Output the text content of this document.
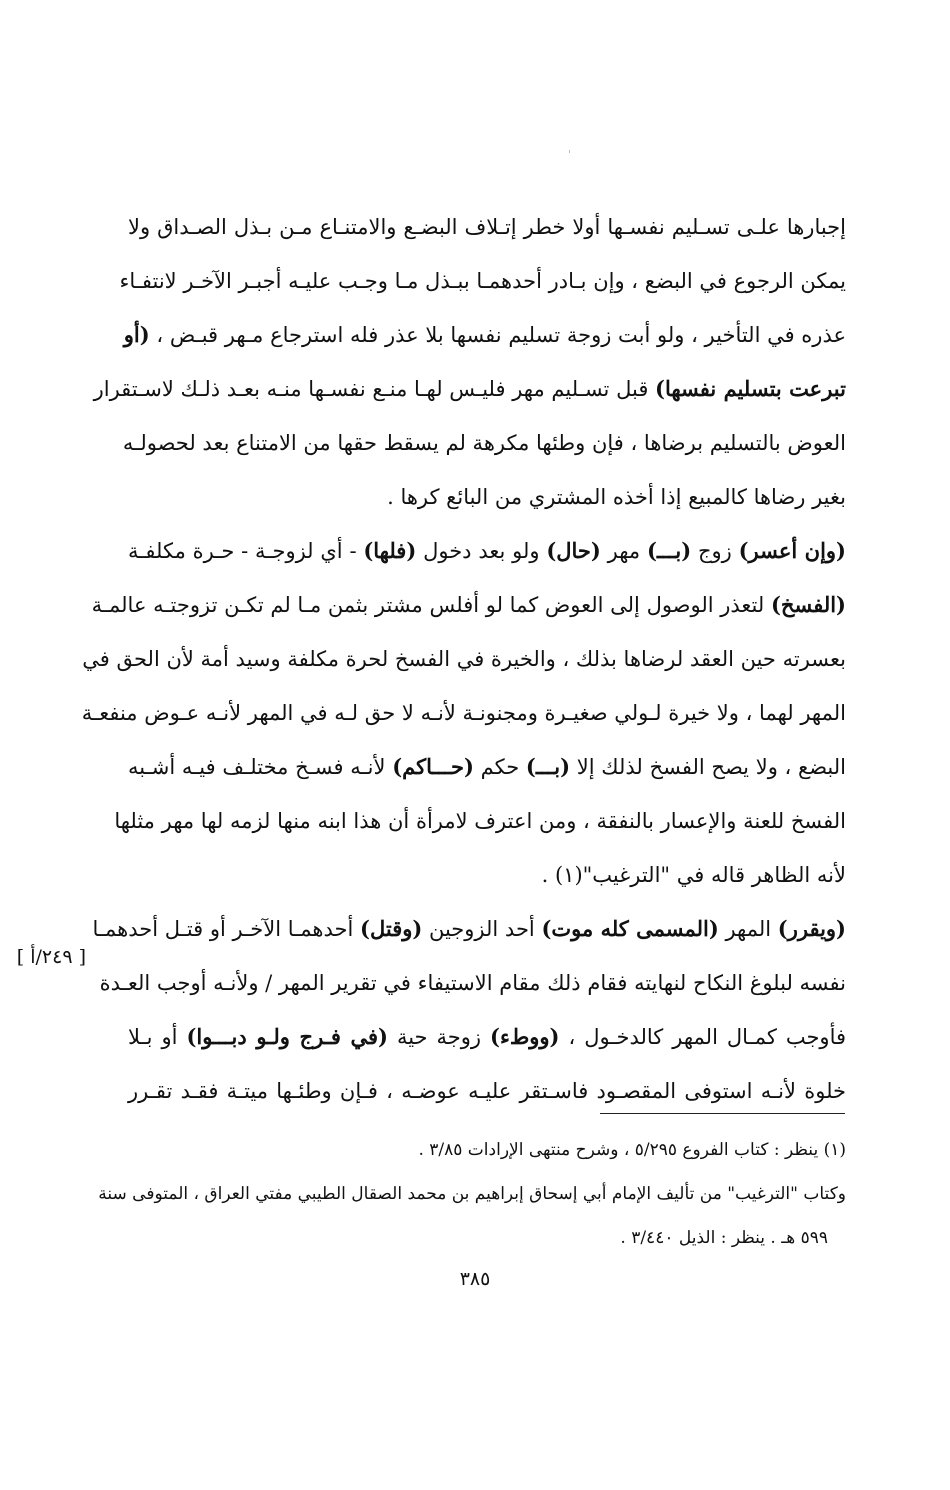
إجبارها علـى تسـليم نفسـها أولا خطر إتـلاف البضـع والامتنـاع مـن بـذل الصـداق ولا
يمكن الرجوع في البضع ، وإن بـادر أحدهمـا ببـذل مـا وجـب عليـه أجبـر الآخـر لانتفـاء
عذره في التأخير ، ولو أبت زوجة تسليم نفسها بلا عذر فله استرجاع مـهر قبـض ، (أو
تبرعت بتسليم نفسها) قبل تسـليم مهر فليـس لهـا منـع نفسـها منـه بعـد ذلـك لاسـتقرار
العوض بالتسليم برضاها ، فإن وطئها مكرهة لم يسقط حقها من الامتناع بعد لحصولـه
بغير رضاها كالمبيع إذا أخذه المشتري من البائع كرها .
(وإن أعسر) زوج (بـــ) مهر (حال) ولو بعد دخول (فلها) - أي لزوجـة - حـرة مكلفـة
(الفسخ) لتعذر الوصول إلى العوض كما لو أفلس مشتر بثمن مـا لم تكـن تزوجتـه عالمـة
بعسرته حين العقد لرضاها بذلك ، والخيرة في الفسخ لحرة مكلفة وسيد أمة لأن الحق في
المهر لهما ، ولا خيرة لـولي صغيـرة ومجنونـة لأنـه لا حق لـه في المهر لأنـه عـوض منفعـة
البضع ، ولا يصح الفسخ لذلك إلا (بـــ) حكم (حـــاكم) لأنـه فسـخ مختلـف فيـه أشـبه
الفسخ للعنة والإعسار بالنفقة ، ومن اعترف لامرأة أن هذا ابنه منها لزمه لها مهر مثلها
لأنه الظاهر قاله في "الترغيب"(١) .
(ويقرر) المهر (المسمى كله موت) أحد الزوجين (وقتل) أحدهمـا الآخـر أو قتـل أحدهمـا
نفسه لبلوغ النكاح لنهايته فقام ذلك مقام الاستيفاء في تقرير المهر / ولأنـه أوجب العـدة
فأوجب كمـال المهر كالدخـول ، (ووطء) زوجة حية (في فـرج ولـو دبـــوا) أو بـلا
خلوة لأنـه استوفى المقصـود فاسـتقر عليـه عوضـه ، فـإن وطئـها ميتـة فقـد تقـرر
[ ٢٤٩/أ ]
(١) ينظر : كتاب الفروع ٥/٢٩٥ ، وشرح منتهى الإرادات ٣/٨٥ .
وكتاب "الترغيب" من تأليف الإمام أبي إسحاق إبراهيم بن محمد الصقال الطيبي مفتي العراق ، المتوفى سنة
٥٩٩ هـ . ينظر : الذيل ٣/٤٤٠ .
٣٨٥
